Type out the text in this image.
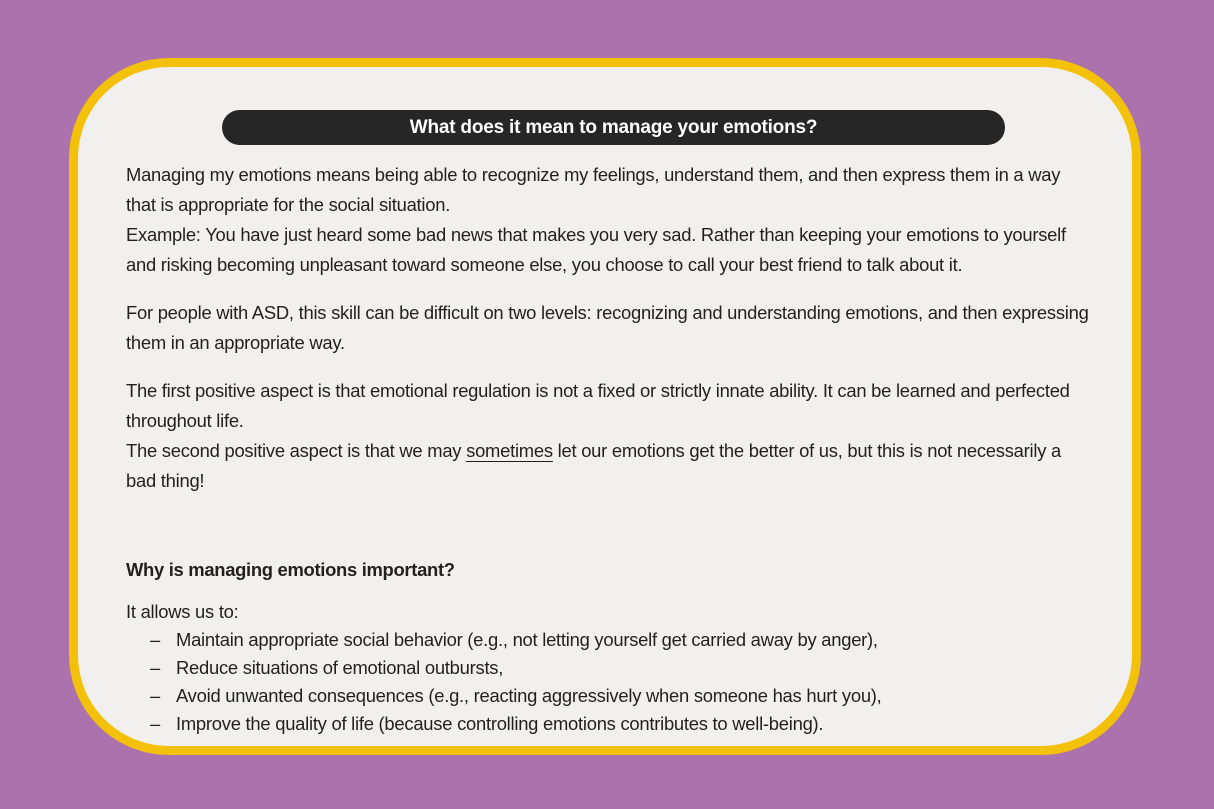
What does it mean to manage your emotions?

Managing my emotions means being able to recognize my feelings, understand them, and then express them in a way that is appropriate for the social situation.

Example: You have just heard some bad news that makes you very sad. Rather than keeping your emotions to yourself and risking becoming unpleasant toward someone else, you choose to call your best friend to talk about it.

For people with ASD, this skill can be difficult on two levels: recognizing and understanding emotions, and then expressing them in an appropriate way.

The first positive aspect is that emotional regulation is not a fixed or strictly innate ability. It can be learned and perfected throughout life.

The second positive aspect is that we may sometimes let our emotions get the better of us, but this is not necessarily a bad thing!

Why is managing emotions important?
It allows us to:
– Maintain appropriate social behavior (e.g., not letting yourself get carried away by anger),
– Reduce situations of emotional outbursts,
– Avoid unwanted consequences (e.g., reacting aggressively when someone has hurt you),
– Improve the quality of life (because controlling emotions contributes to well-being).
